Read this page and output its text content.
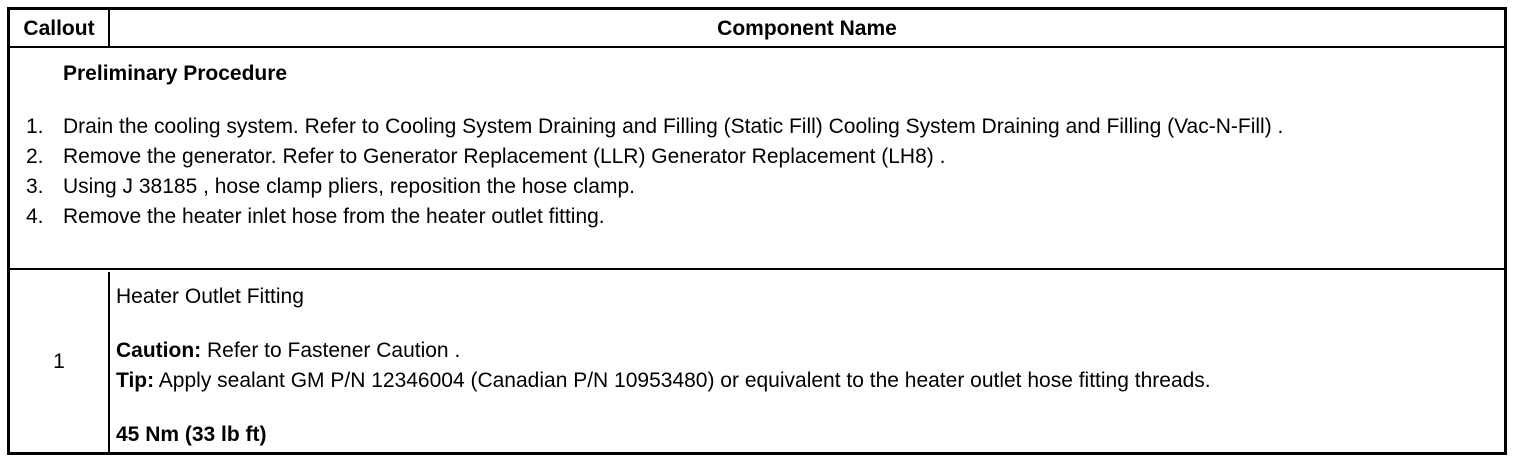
Callout	Component Name
Preliminary Procedure
1. Drain the cooling system. Refer to Cooling System Draining and Filling (Static Fill) Cooling System Draining and Filling (Vac-N-Fill) .
2. Remove the generator. Refer to Generator Replacement (LLR) Generator Replacement (LH8) .
3. Using J 38185 , hose clamp pliers, reposition the hose clamp.
4. Remove the heater inlet hose from the heater outlet fitting.
1
Heater Outlet Fitting
Caution: Refer to Fastener Caution .
Tip: Apply sealant GM P/N 12346004 (Canadian P/N 10953480) or equivalent to the heater outlet hose fitting threads.
45 Nm (33 lb ft)
